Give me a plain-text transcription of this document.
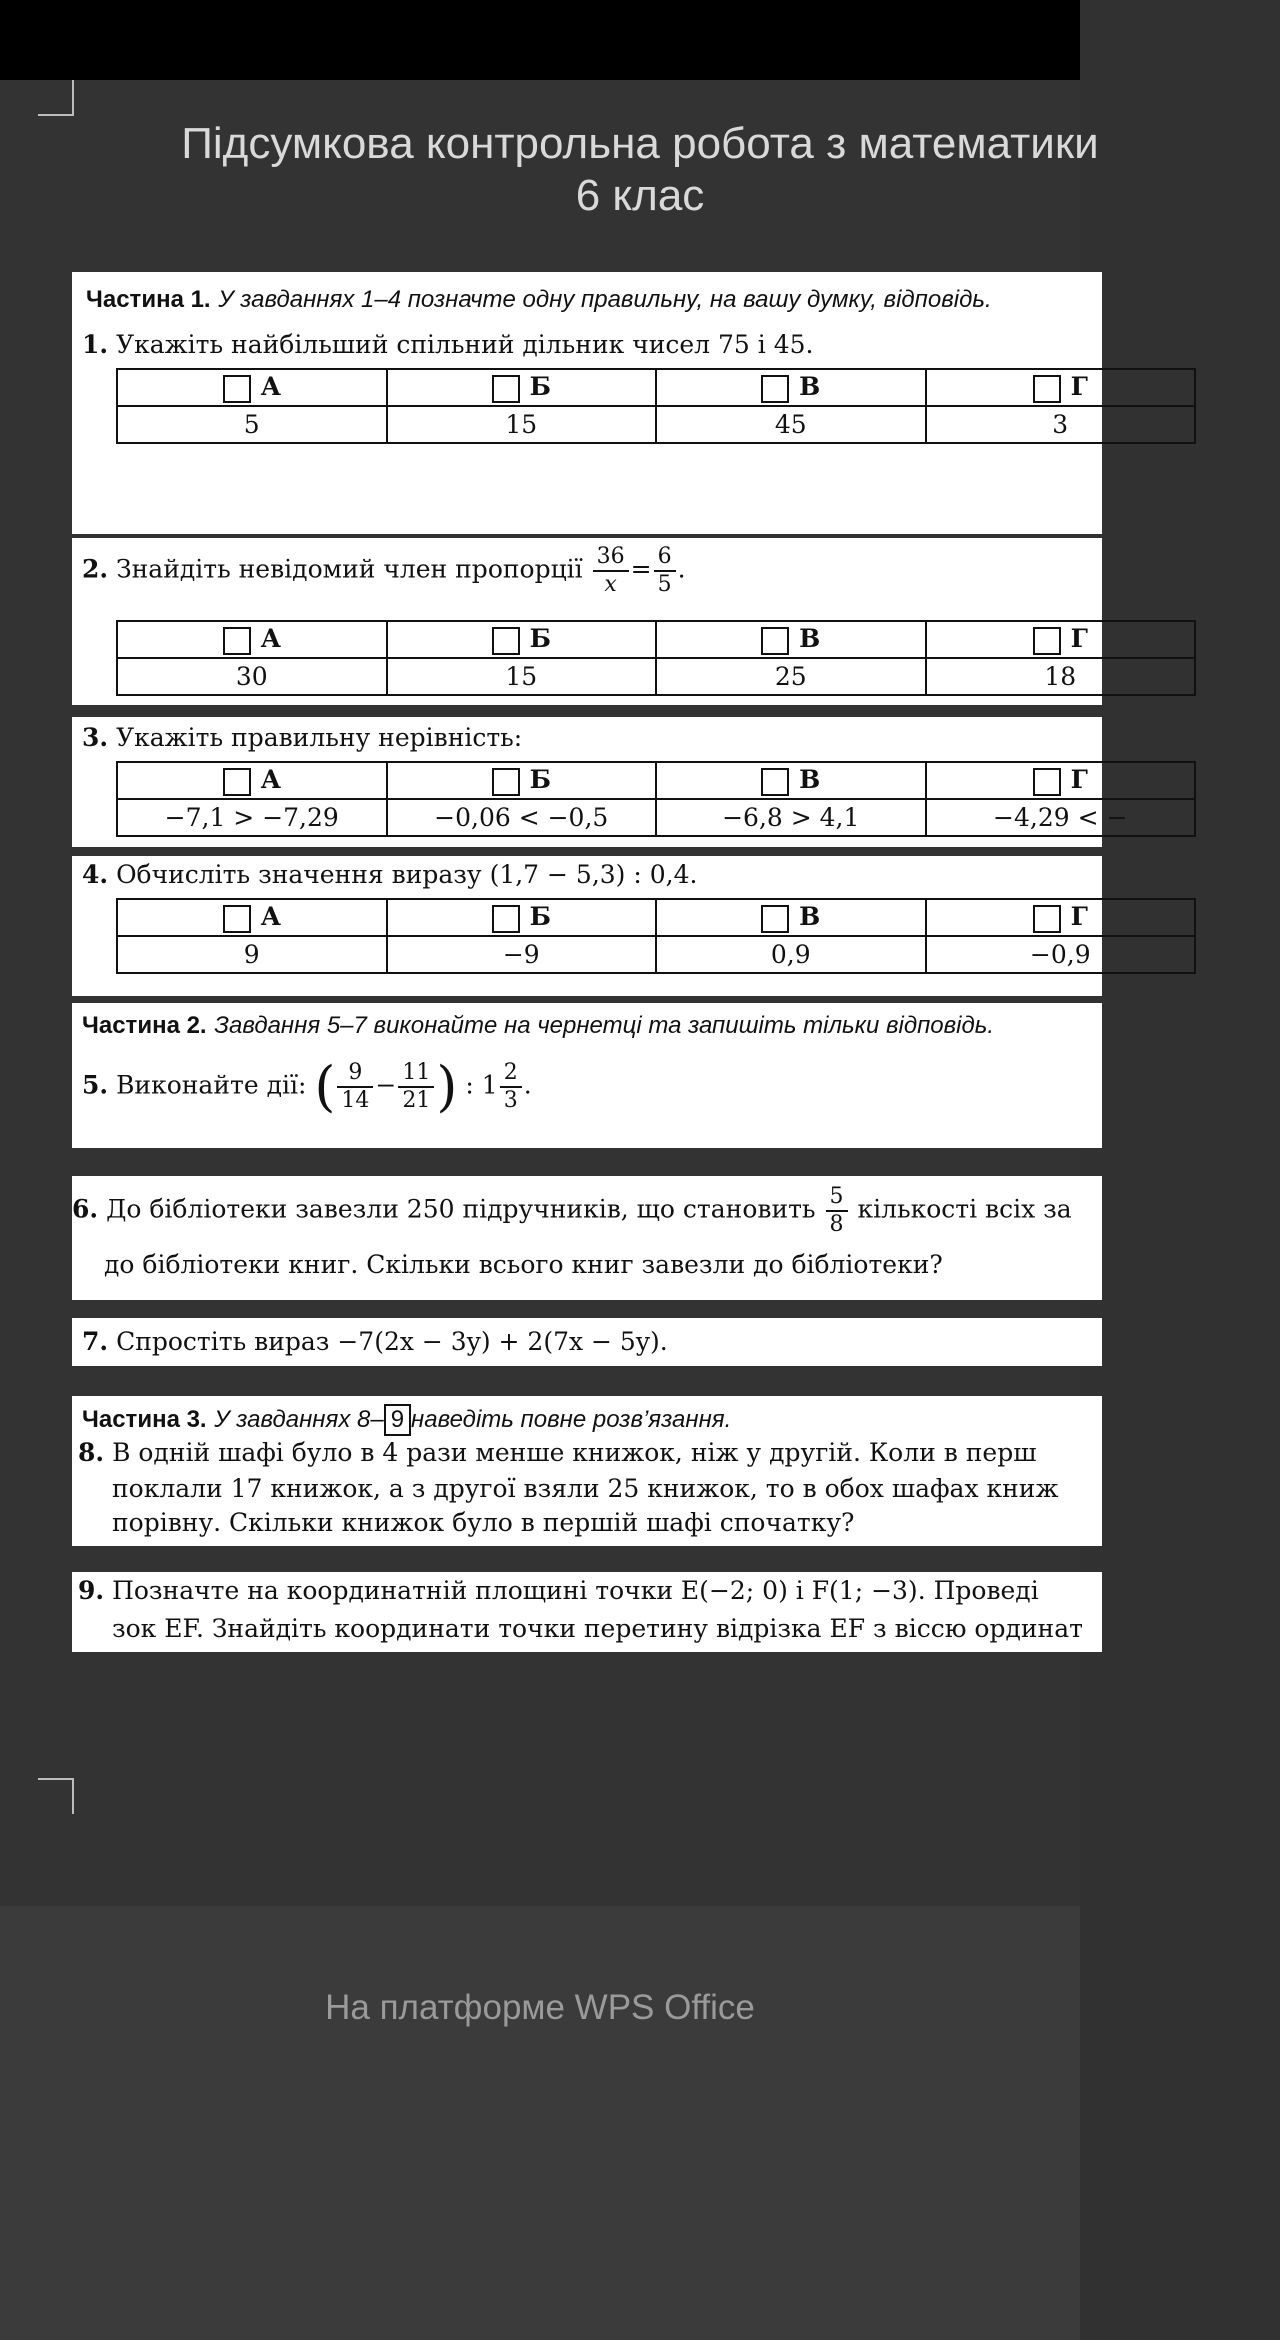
Підсумкова контрольна робота з математики
6 клас
Частина 1. У завданнях 1–4 позначте одну правильну, на вашу думку, відповідь.
1. Укажіть найбільший спільний дільник чисел 75 і 45.
А	Б	В	Г
5	15	45	3
2. Знайдіть невідомий член пропорції $\frac{36}{x} = \frac{6}{5}$ .
А	Б	В	Г
30	15	25	18
3. Укажіть правильну нерівність:
А	Б	В	Г
−7,1 > −7,29	−0,06 < −0,5	−6,8 > 4,1	−4,29 < −
4. Обчисліть значення виразу (1,7 − 5,3) : 0,4.
А	Б	В	Г
9	−9	0,9	−0,9
Частина 2. Завдання 5–7 виконайте на чернетці та запишіть тільки відповідь.
5. Виконайте дії: ( $\frac{9}{14} - \frac{11}{21}$ ) : $1 \frac{2}{3}$ .
6. До бібліотеки завезли 250 підручників, що становить $\frac{5}{8}$ кількості всіх за
до бібліотеки книг. Скільки всього книг завезли до бібліотеки?
7. Спростіть вираз −7(2x − 3y) + 2(7x − 5y).
Частина 3. У завданнях 8– 9 наведіть повне розв’язання.
8. В одній шафі було в 4 рази менше книжок, ніж у другій. Коли в перш
поклали 17 книжок, а з другої взяли 25 книжок, то в обох шафах книж
порівну. Скільки книжок було в першій шафі спочатку?
9. Позначте на координатній площині точки E(−2; 0) і F(1; −3). Проведі
зок EF. Знайдіть координати точки перетину відрізка EF з віссю ординат
На платформе WPS Office
